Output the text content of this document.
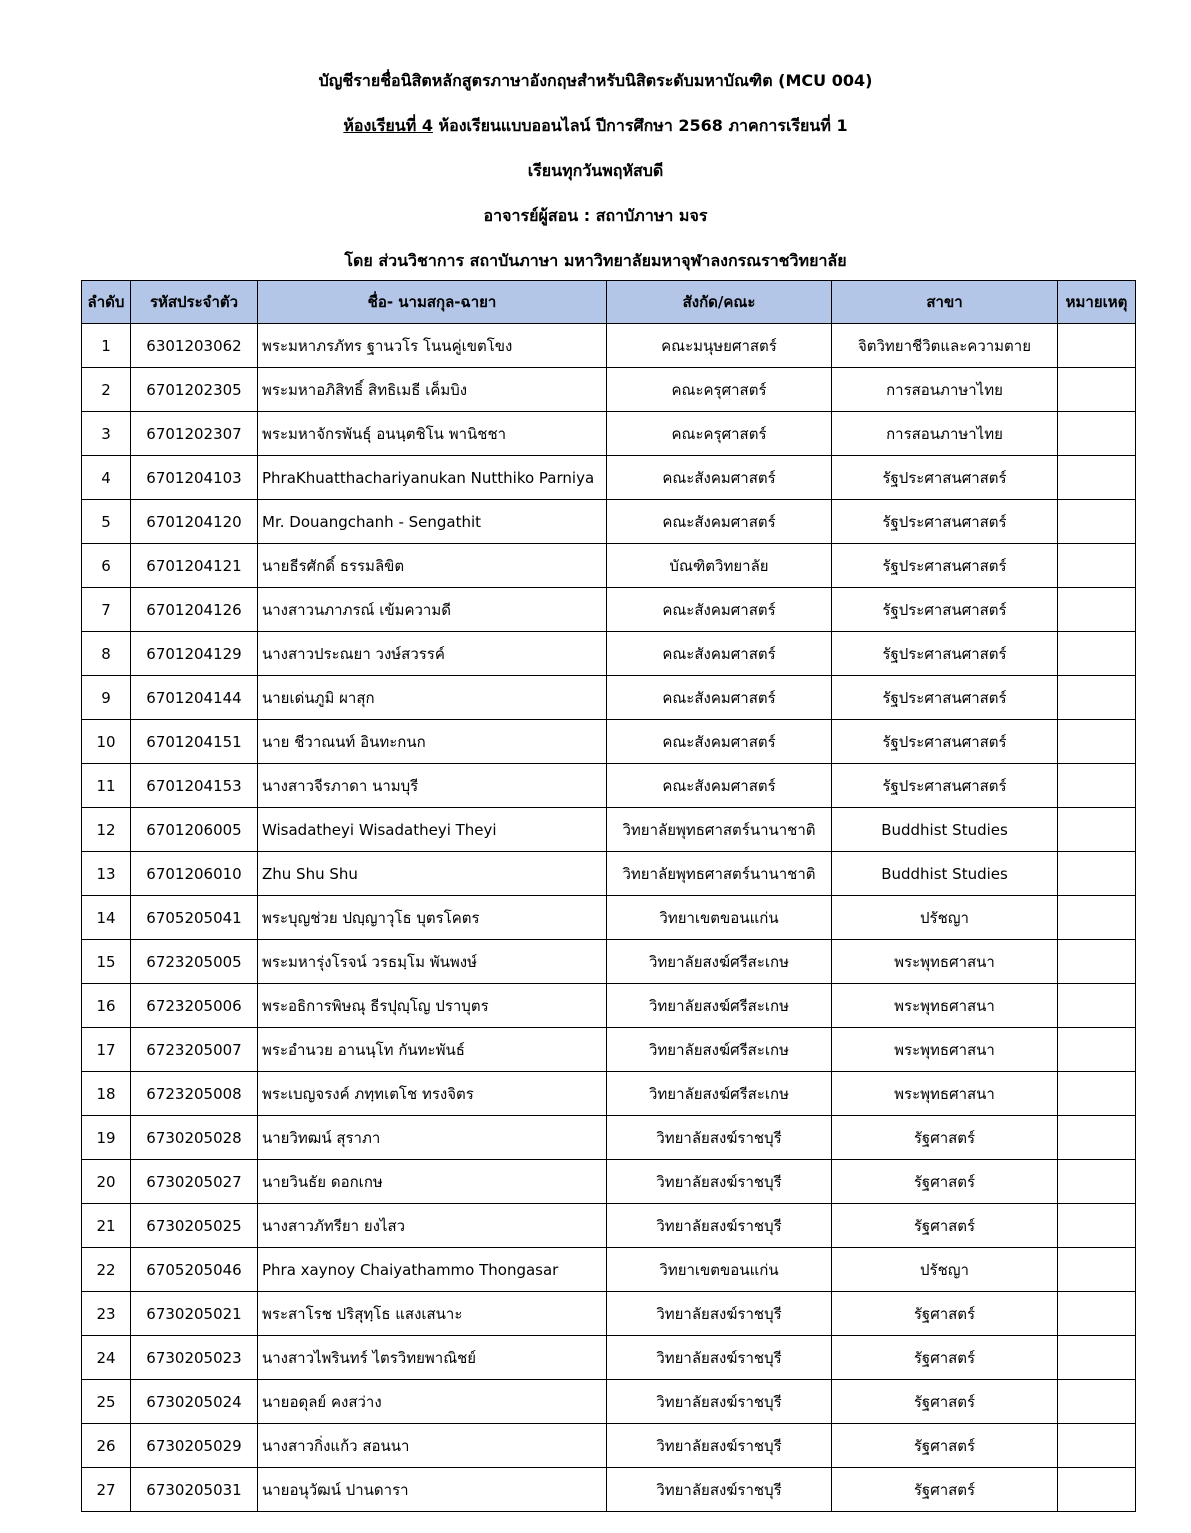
บัญชีรายชื่อนิสิตหลักสูตรภาษาอังกฤษสำหรับนิสิตระดับมหาบัณฑิต (MCU 004)
ห้องเรียนที่ 4 ห้องเรียนแบบออนไลน์ ปีการศึกษา 2568 ภาคการเรียนที่ 1
เรียนทุกวันพฤหัสบดี
อาจารย์ผู้สอน : สถาบัภาษา มจร
โดย ส่วนวิชาการ สถาบันภาษา มหาวิทยาลัยมหาจุฬาลงกรณราชวิทยาลัย
ลำดับ	รหัสประจำตัว	ชื่อ- นามสกุล-ฉายา	สังกัด/คณะ	สาขา	หมายเหตุ
1	6301203062	พระมหาภรภัทร ฐานวโร โนนคู่เขตโขง	คณะมนุษยศาสตร์	จิตวิทยาชีวิตและความตาย	
2	6701202305	พระมหาอภิสิทธิ์ สิทธิเมธี เค็มบิง	คณะครุศาสตร์	การสอนภาษาไทย	
3	6701202307	พระมหาจักรพันธุ์ อนนฺตชิโน พานิชชา	คณะครุศาสตร์	การสอนภาษาไทย	
4	6701204103	PhraKhuatthachariyanukan Nutthiko Parniya	คณะสังคมศาสตร์	รัฐประศาสนศาสตร์	
5	6701204120	Mr. Douangchanh - Sengathit	คณะสังคมศาสตร์	รัฐประศาสนศาสตร์	
6	6701204121	นายธีรศักดิ์ ธรรมลิขิต	บัณฑิตวิทยาลัย	รัฐประศาสนศาสตร์	
7	6701204126	นางสาวนภาภรณ์ เข้มความดี	คณะสังคมศาสตร์	รัฐประศาสนศาสตร์	
8	6701204129	นางสาวประณยา วงษ์สวรรค์	คณะสังคมศาสตร์	รัฐประศาสนศาสตร์	
9	6701204144	นายเด่นภูมิ ผาสุก	คณะสังคมศาสตร์	รัฐประศาสนศาสตร์	
10	6701204151	นาย ชีวาณนท์ อินทะกนก	คณะสังคมศาสตร์	รัฐประศาสนศาสตร์	
11	6701204153	นางสาวจีรภาดา นามบุรี	คณะสังคมศาสตร์	รัฐประศาสนศาสตร์	
12	6701206005	Wisadatheyi Wisadatheyi Theyi	วิทยาลัยพุทธศาสตร์นานาชาติ	Buddhist Studies	
13	6701206010	Zhu Shu Shu	วิทยาลัยพุทธศาสตร์นานาชาติ	Buddhist Studies	
14	6705205041	พระบุญช่วย ปญฺญาวุโธ บุตรโคตร	วิทยาเขตขอนแก่น	ปรัชญา	
15	6723205005	พระมหารุ่งโรจน์ วรธมฺโม พันพงษ์	วิทยาลัยสงฆ์ศรีสะเกษ	พระพุทธศาสนา	
16	6723205006	พระอธิการพิษณุ ธีรปุญฺโญ ปราบุตร	วิทยาลัยสงฆ์ศรีสะเกษ	พระพุทธศาสนา	
17	6723205007	พระอำนวย อานนฺโท กันทะพันธ์	วิทยาลัยสงฆ์ศรีสะเกษ	พระพุทธศาสนา	
18	6723205008	พระเบญจรงค์ ภทฺทเตโช ทรงจิตร	วิทยาลัยสงฆ์ศรีสะเกษ	พระพุทธศาสนา	
19	6730205028	นายวิทฒน์ สุราภา	วิทยาลัยสงฆ์ราชบุรี	รัฐศาสตร์	
20	6730205027	นายวินธัย ดอกเกษ	วิทยาลัยสงฆ์ราชบุรี	รัฐศาสตร์	
21	6730205025	นางสาวภัทรียา ยงไสว	วิทยาลัยสงฆ์ราชบุรี	รัฐศาสตร์	
22	6705205046	Phra xaynoy Chaiyathammo Thongasar	วิทยาเขตขอนแก่น	ปรัชญา	
23	6730205021	พระสาโรช ปริสุทฺโธ แสงเสนาะ	วิทยาลัยสงฆ์ราชบุรี	รัฐศาสตร์	
24	6730205023	นางสาวไพรินทร์ ไตรวิทยพาณิชย์	วิทยาลัยสงฆ์ราชบุรี	รัฐศาสตร์	
25	6730205024	นายอดุลย์ คงสว่าง	วิทยาลัยสงฆ์ราชบุรี	รัฐศาสตร์	
26	6730205029	นางสาวกิ่งแก้ว สอนนา	วิทยาลัยสงฆ์ราชบุรี	รัฐศาสตร์	
27	6730205031	นายอนุวัฒน์ ปานดารา	วิทยาลัยสงฆ์ราชบุรี	รัฐศาสตร์	
